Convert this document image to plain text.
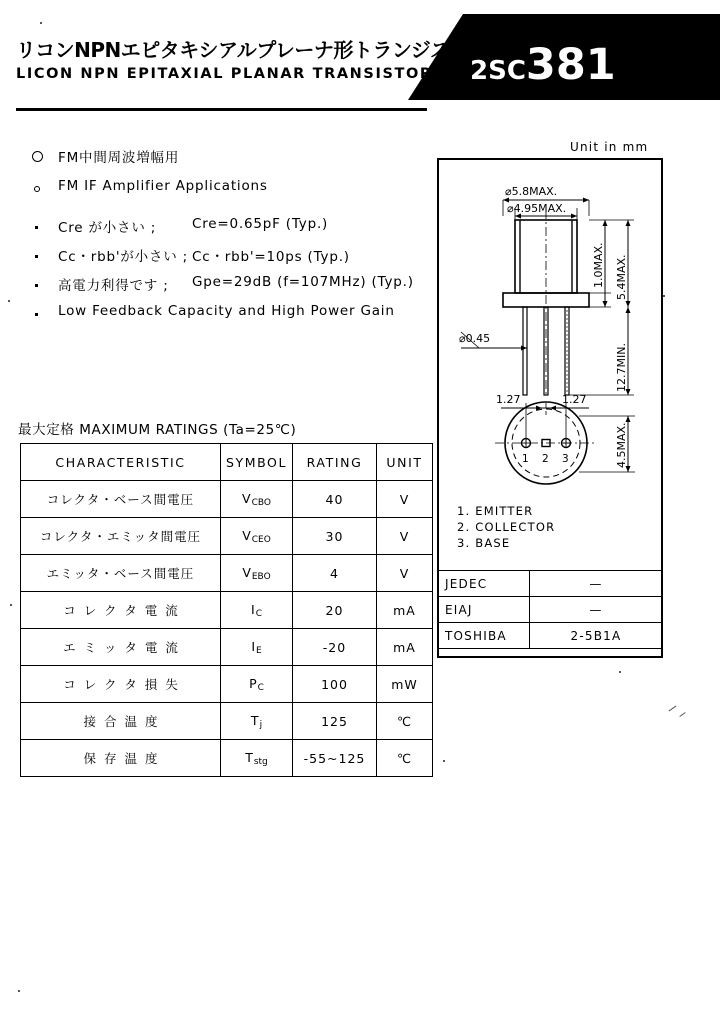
リコンNPNエピタキシアルプレーナ形トランジスタ
LICON NPN EPITAXIAL PLANAR TRANSISTOR 2SC381
FM中間周波増幅用
FM IF Amplifier Applications
Cre が小さい ;	Cre=0.65pF (Typ.)
Cc・rbb'が小さい ; Cc・rbb'=10ps (Typ.)
高電力利得です ; Gpe=29dB (f=107MHz) (Typ.)
Low Feedback Capacity and High Power Gain
最大定格 MAXIMUM RATINGS (Ta=25℃)
CHARACTERISTIC	SYMBOL	RATING	UNIT
コレクタ・ベース間電圧	$V_{CBO}$	40	V
コレクタ・エミッタ間電圧	$V_{CEO}$	30	V
エミッタ・ベース間電圧	$V_{EBO}$	4	V
コレクタ電流	$I_C$	20	mA
エミッタ電流	$I_E$	-20	mA
コレクタ損失	$P_C$	100	mW
接合温度	$T_j$	125	℃
保存温度	$T_{stg}$	-55~125	℃
Unit in mm
⌀5.8MAX.
⌀4.95MAX.
⌀0.45
1.0MAX. 5.4MAX.
12.7MIN.
1.27	1.27
4.5MAX.
1 2 3
1. EMITTER
2. COLLECTOR
3. BASE
JEDEC	—
EIAJ	—
TOSHIBA	2-5B1A
